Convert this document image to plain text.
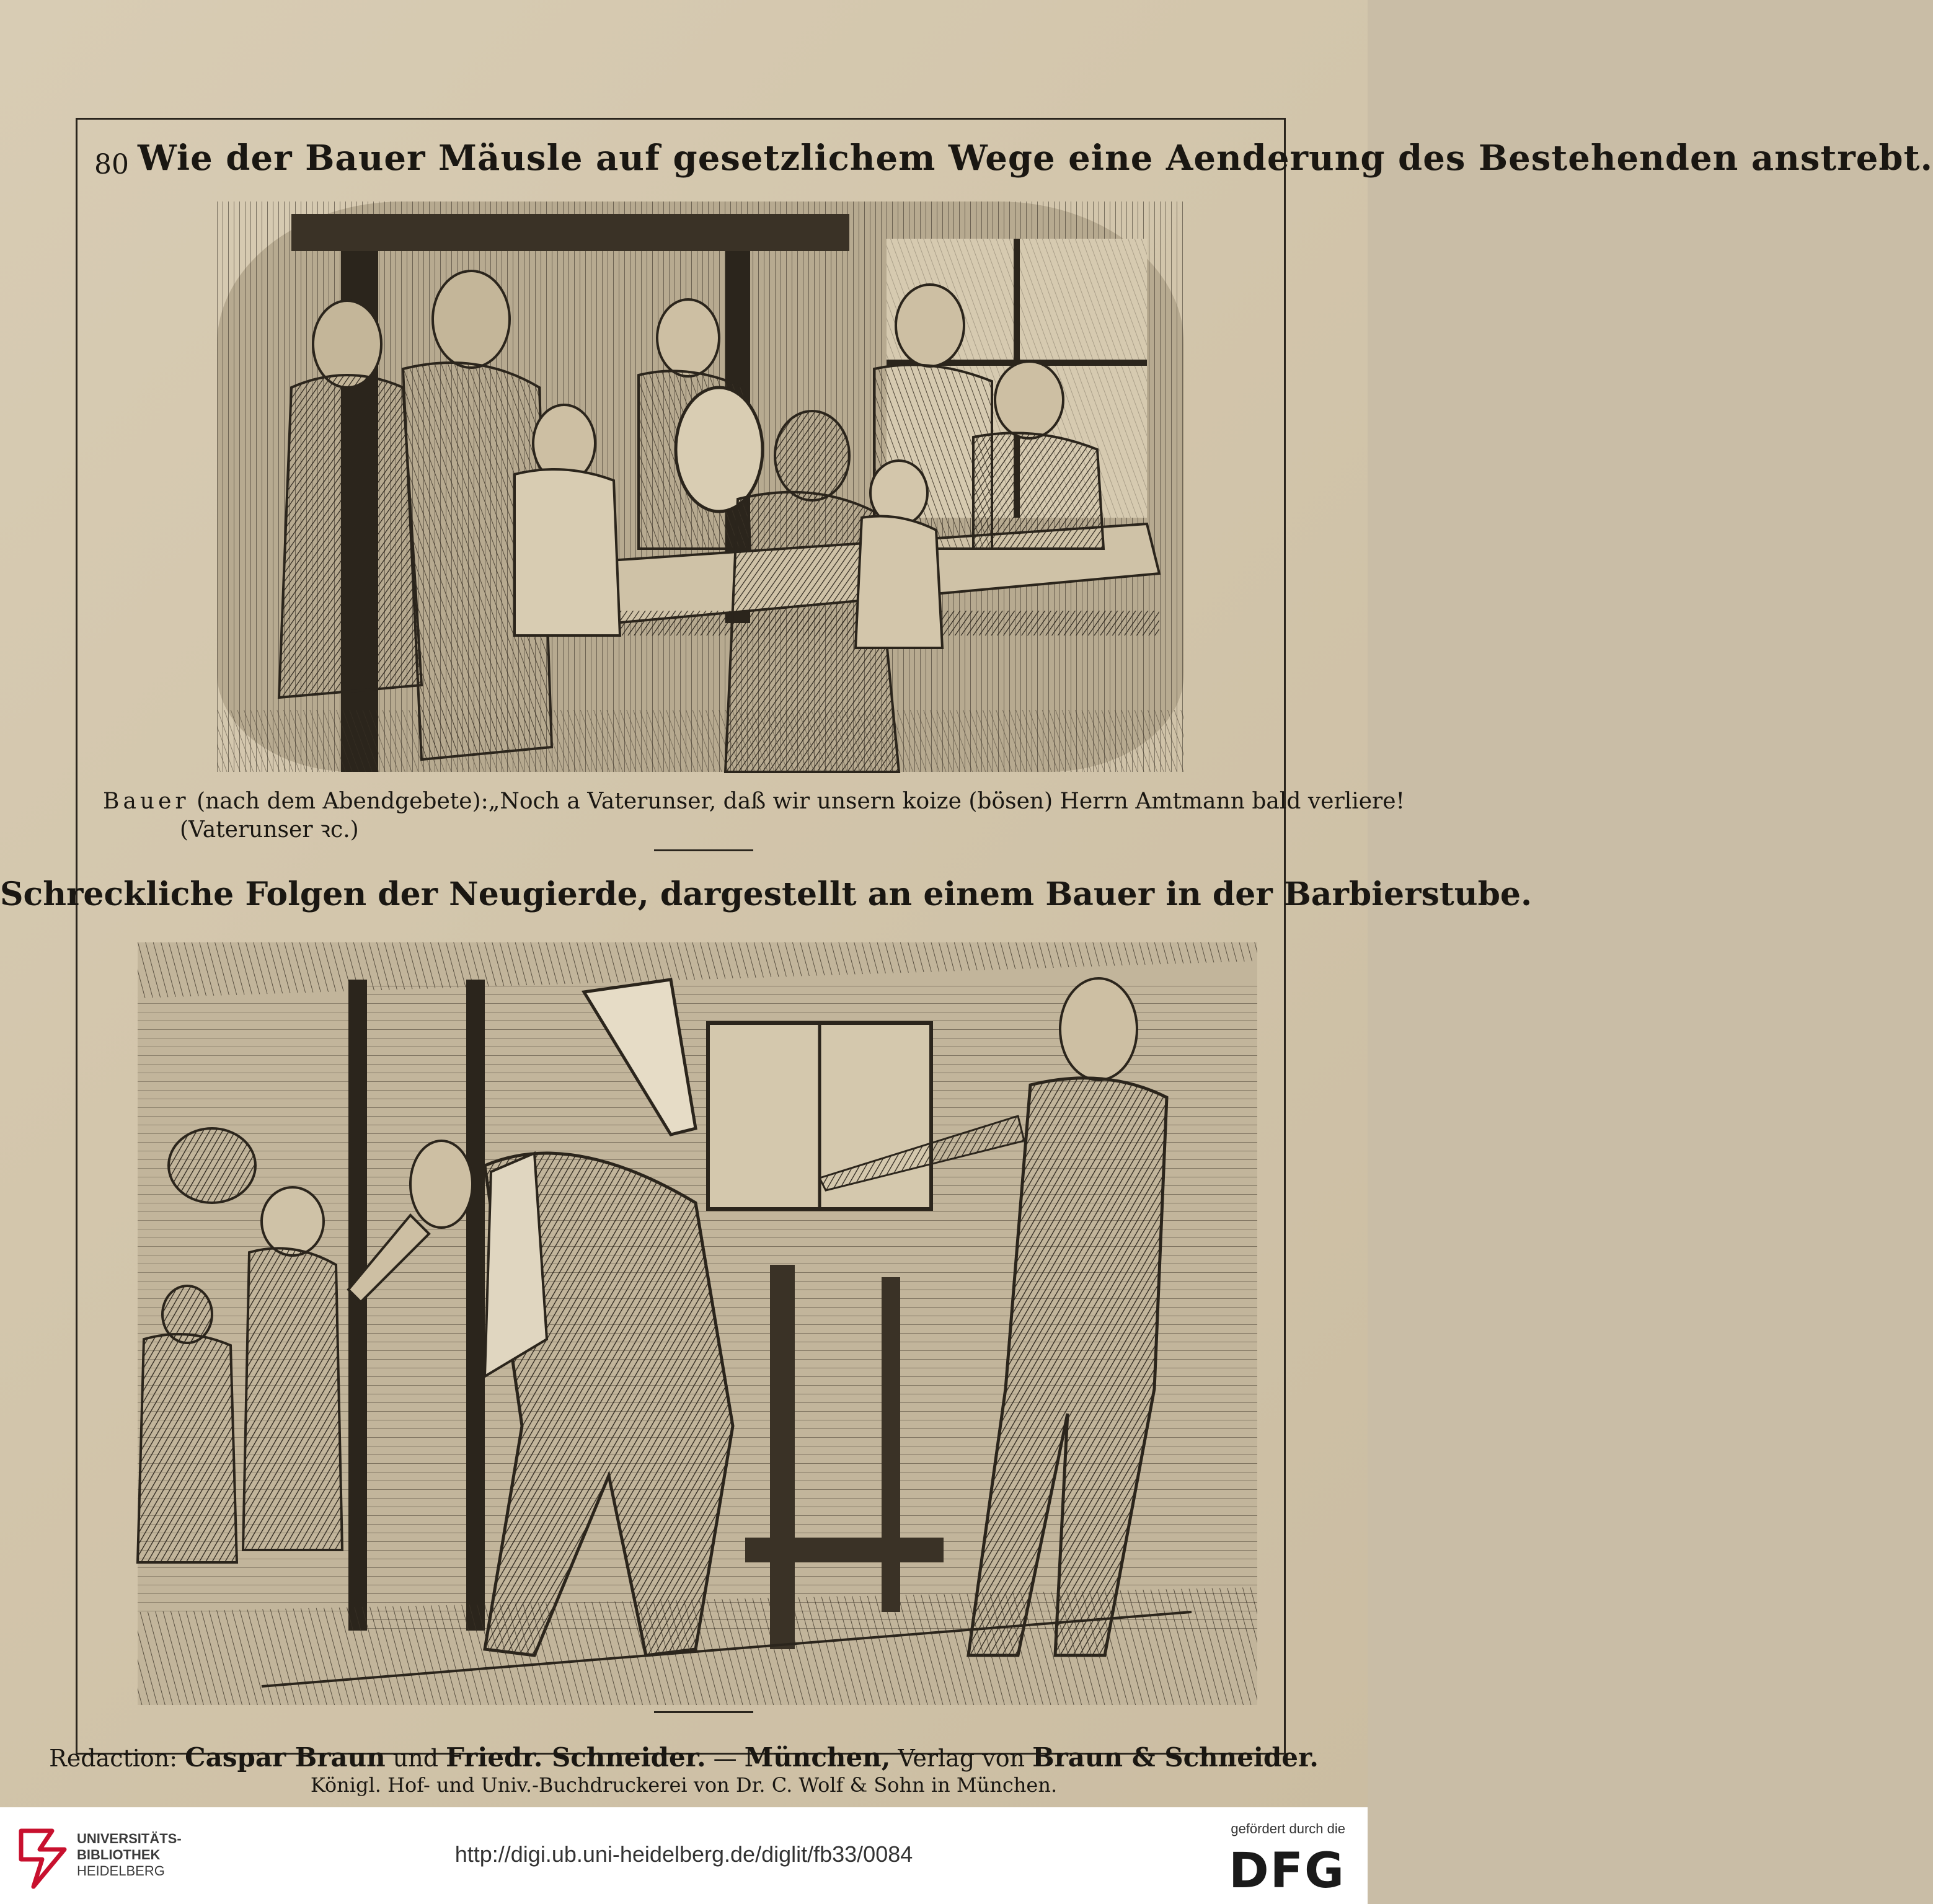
80 Wie der Bauer Mäusle auf gesetzlichem Wege eine Aenderung des Bestehenden anstrebt.
Bauer (nach dem Abendgebete): „Noch a Vaterunser, daß wir unsern koize (bösen) Herrn Amtmann bald verliere!
(Vaterunser ꝛc.)
Schreckliche Folgen der Neugierde, dargestellt an einem Bauer in der Barbierstube.
Redaction: Caspar Braun und Friedr. Schneider. — München, Verlag von Braun & Schneider.
Königl. Hof- und Univ.-Buchdruckerei von Dr. C. Wolf & Sohn in München.
UNIVERSITÄTS-
BIBLIOTHEK
HEIDELBERG
http://digi.ub.uni-heidelberg.de/diglit/fb33/0084
gefördert durch die
DFG
